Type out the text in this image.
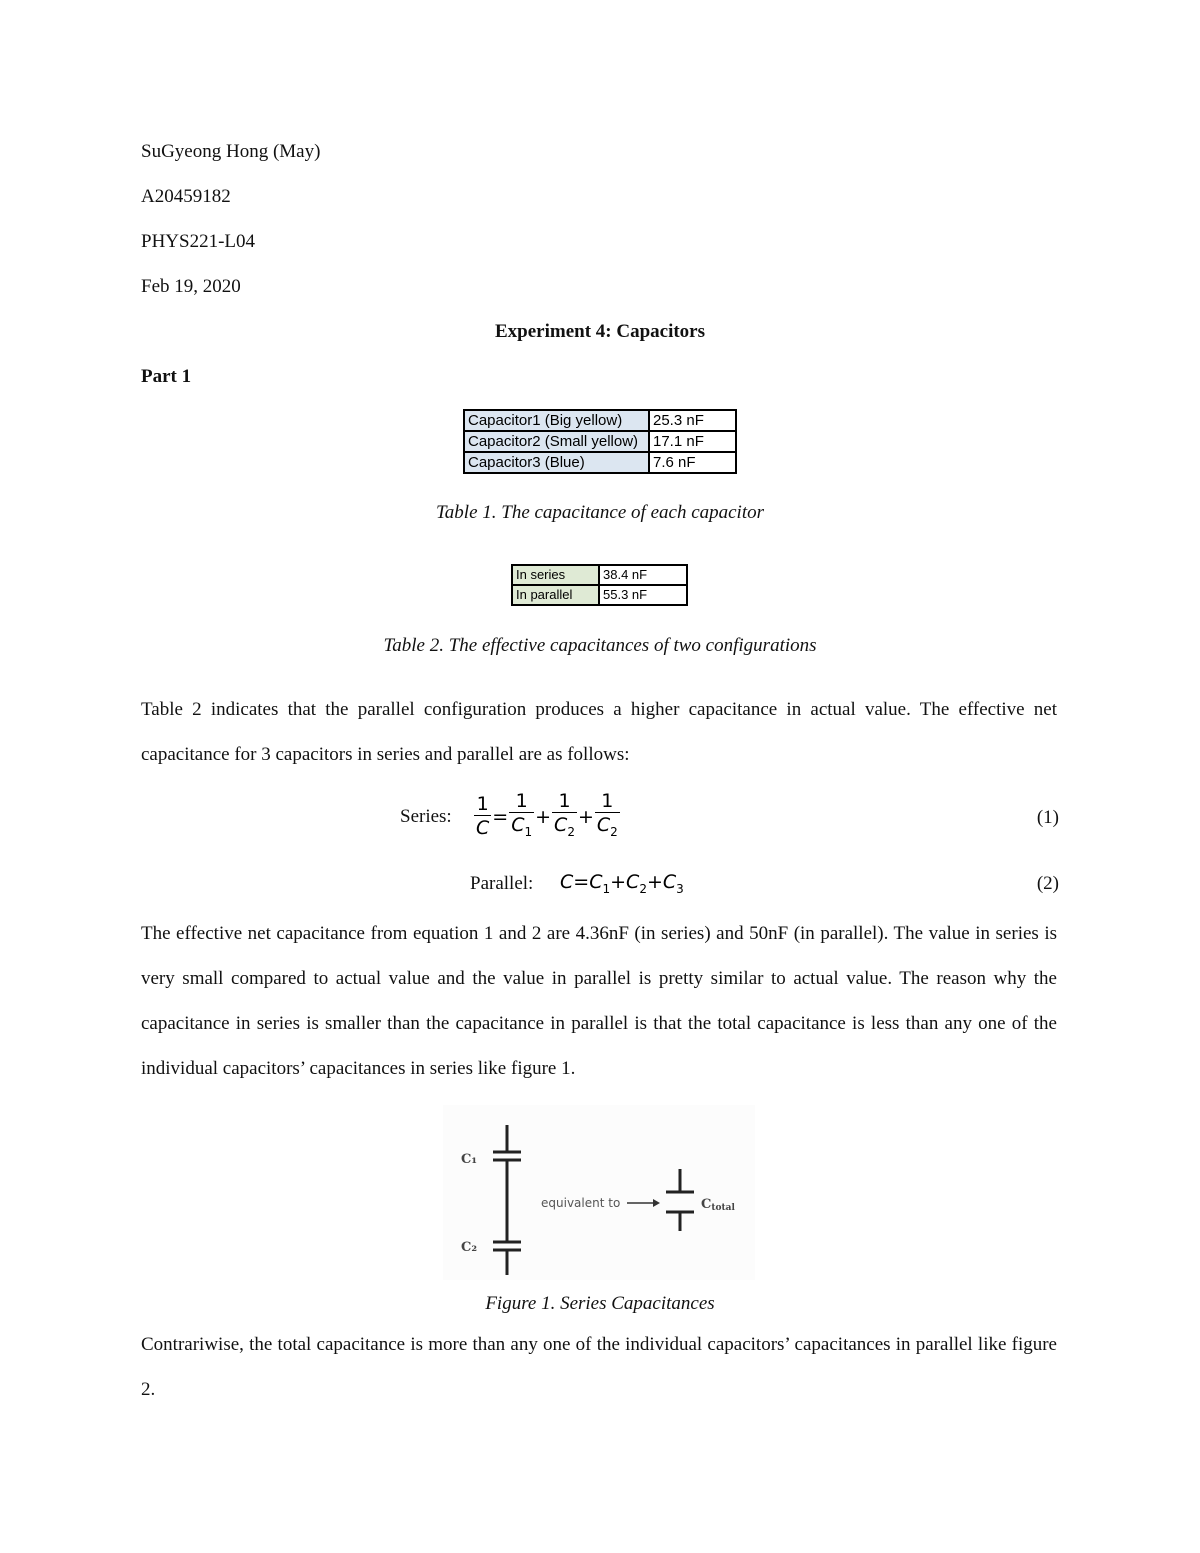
SuGyeong Hong (May)
A20459182
PHYS221-L04
Feb 19, 2020
Experiment 4: Capacitors
Part 1
Capacitor1 (Big yellow)	25.3 nF
Capacitor2 (Small yellow)	17.1 nF
Capacitor3 (Blue)	7.6 nF
Table 1. The capacitance of each capacitor
In series	38.4 nF
In parallel	55.3 nF
Table 2. The effective capacitances of two configurations
Table 2 indicates that the parallel configuration produces a higher capacitance in actual value. The effective net capacitance for 3 capacitors in series and parallel are as follows:
Series: $\frac{1}{C} = \frac{1}{C_1} + \frac{1}{C_2} + \frac{1}{C_2}$	(1)
Parallel: $C=C_1+C_2+C_3$	(2)
The effective net capacitance from equation 1 and 2 are 4.36nF (in series) and 50nF (in parallel). The value in series is very small compared to actual value and the value in parallel is pretty similar to actual value. The reason why the capacitance in series is smaller than the capacitance in parallel is that the total capacitance is less than any one of the individual capacitors’ capacitances in series like figure 1.
C₁
C₂
equivalent to	Ctotal
Figure 1. Series Capacitances
Contrariwise, the total capacitance is more than any one of the individual capacitors’ capacitances in parallel like figure 2.
